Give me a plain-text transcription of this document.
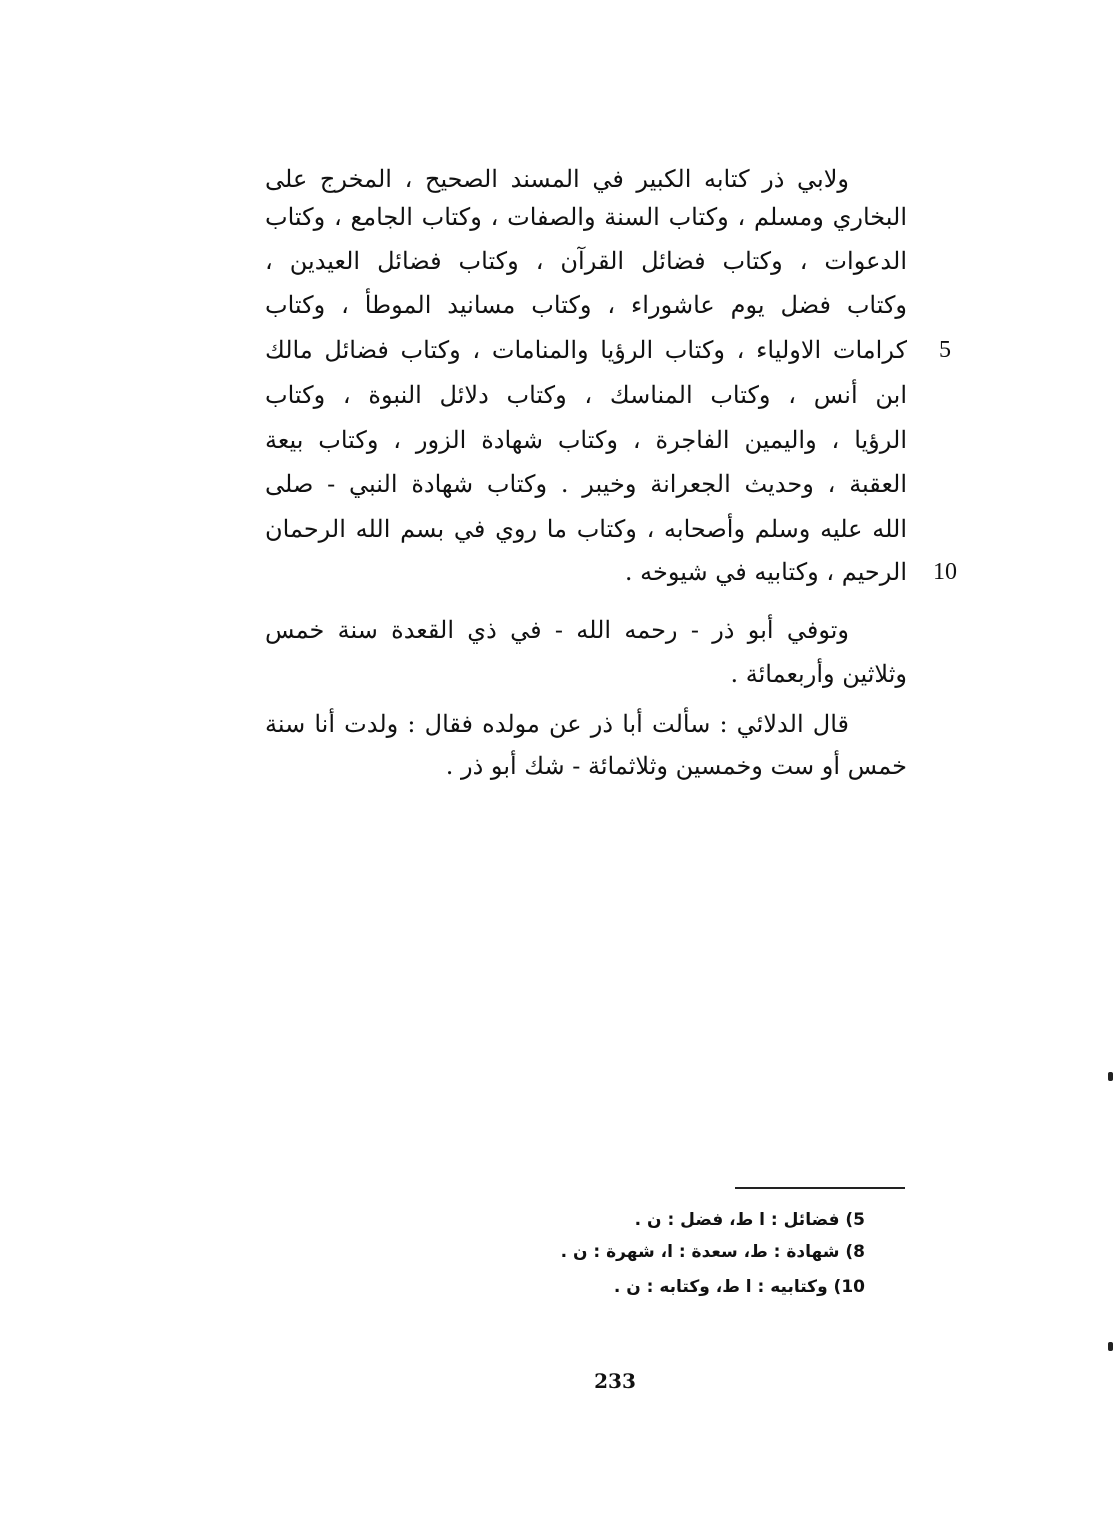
ولابي ذر كتابه الكبير في المسند الصحيح ، المخرج على
البخاري ومسلم ، وكتاب السنة والصفات ، وكتاب الجامع ، وكتاب
الدعوات ، وكتاب فضائل القرآن ، وكتاب فضائل العيدين ،
وكتاب فضل يوم عاشوراء ، وكتاب مسانيد الموطأ ، وكتاب
كرامات الاولياء ، وكتاب الرؤيا والمنامات ، وكتاب فضائل مالك	5
ابن أنس ، وكتاب المناسك ، وكتاب دلائل النبوة ، وكتاب
الرؤيا ، واليمين الفاجرة ، وكتاب شهادة الزور ، وكتاب بيعة
العقبة ، وحديث الجعرانة وخيبر . وكتاب شهادة النبي - صلى
الله عليه وسلم وأصحابه ، وكتاب ما روي في بسم الله الرحمان
الرحيم ، وكتابيه في شيوخه .	10
وتوفي أبو ذر - رحمه الله - في ذي القعدة سنة خمس
وثلاثين وأربعمائة .
قال الدلائي : سألت أبا ذر عن مولده فقال : ولدت أنا سنة
خمس أو ست وخمسين وثلاثمائة - شك أبو ذر .
5) فضائل : ا ط، فضل : ن .
8) شهادة : ط، سعدة : ا، شهرة : ن .
10) وكتابيه : ا ط، وكتابه : ن .
233
